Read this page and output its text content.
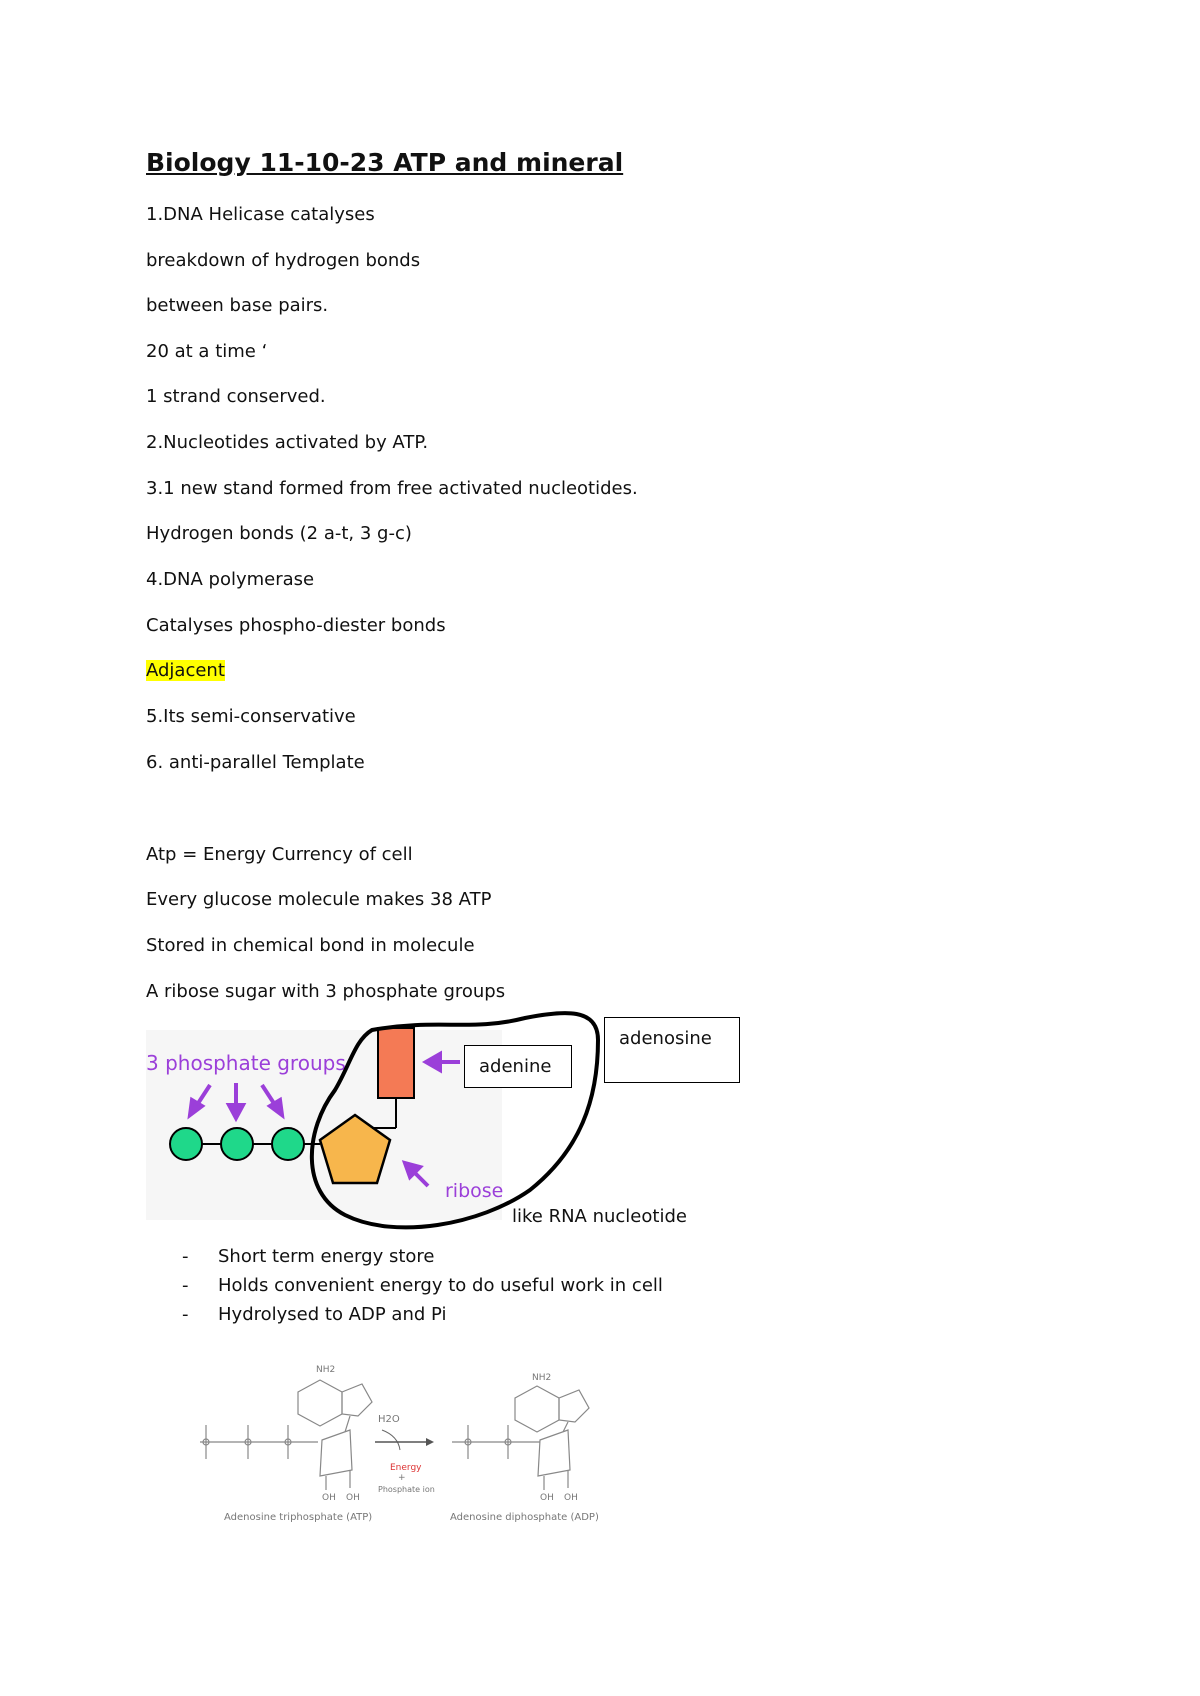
Biology 11-10-23 ATP and mineral
1.DNA Helicase catalyses
breakdown of hydrogen bonds
between base pairs.
20 at a time ‘
1 strand conserved.
2.Nucleotides activated by ATP.
3.1 new stand formed from free activated nucleotides.
Hydrogen bonds (2 a-t, 3 g-c)
4.DNA polymerase
Catalyses phospho-diester bonds
Adjacent
5.Its semi-conservative
6. anti-parallel Template
Atp = Energy Currency of cell
Every glucose molecule makes 38 ATP
Stored in chemical bond in molecule
A ribose sugar with 3 phosphate groups
3 phosphate groups
ribose
adenine
adenosine
like RNA nucleotide
- Short term energy store
- Holds convenient energy to do useful work in cell
- Hydrolysed to ADP and Pi
NH2
OH OH
Adenosine triphosphate (ATP)
H2O
Energy
+
Phosphate ion
NH2
OH OH
Adenosine diphosphate (ADP)
